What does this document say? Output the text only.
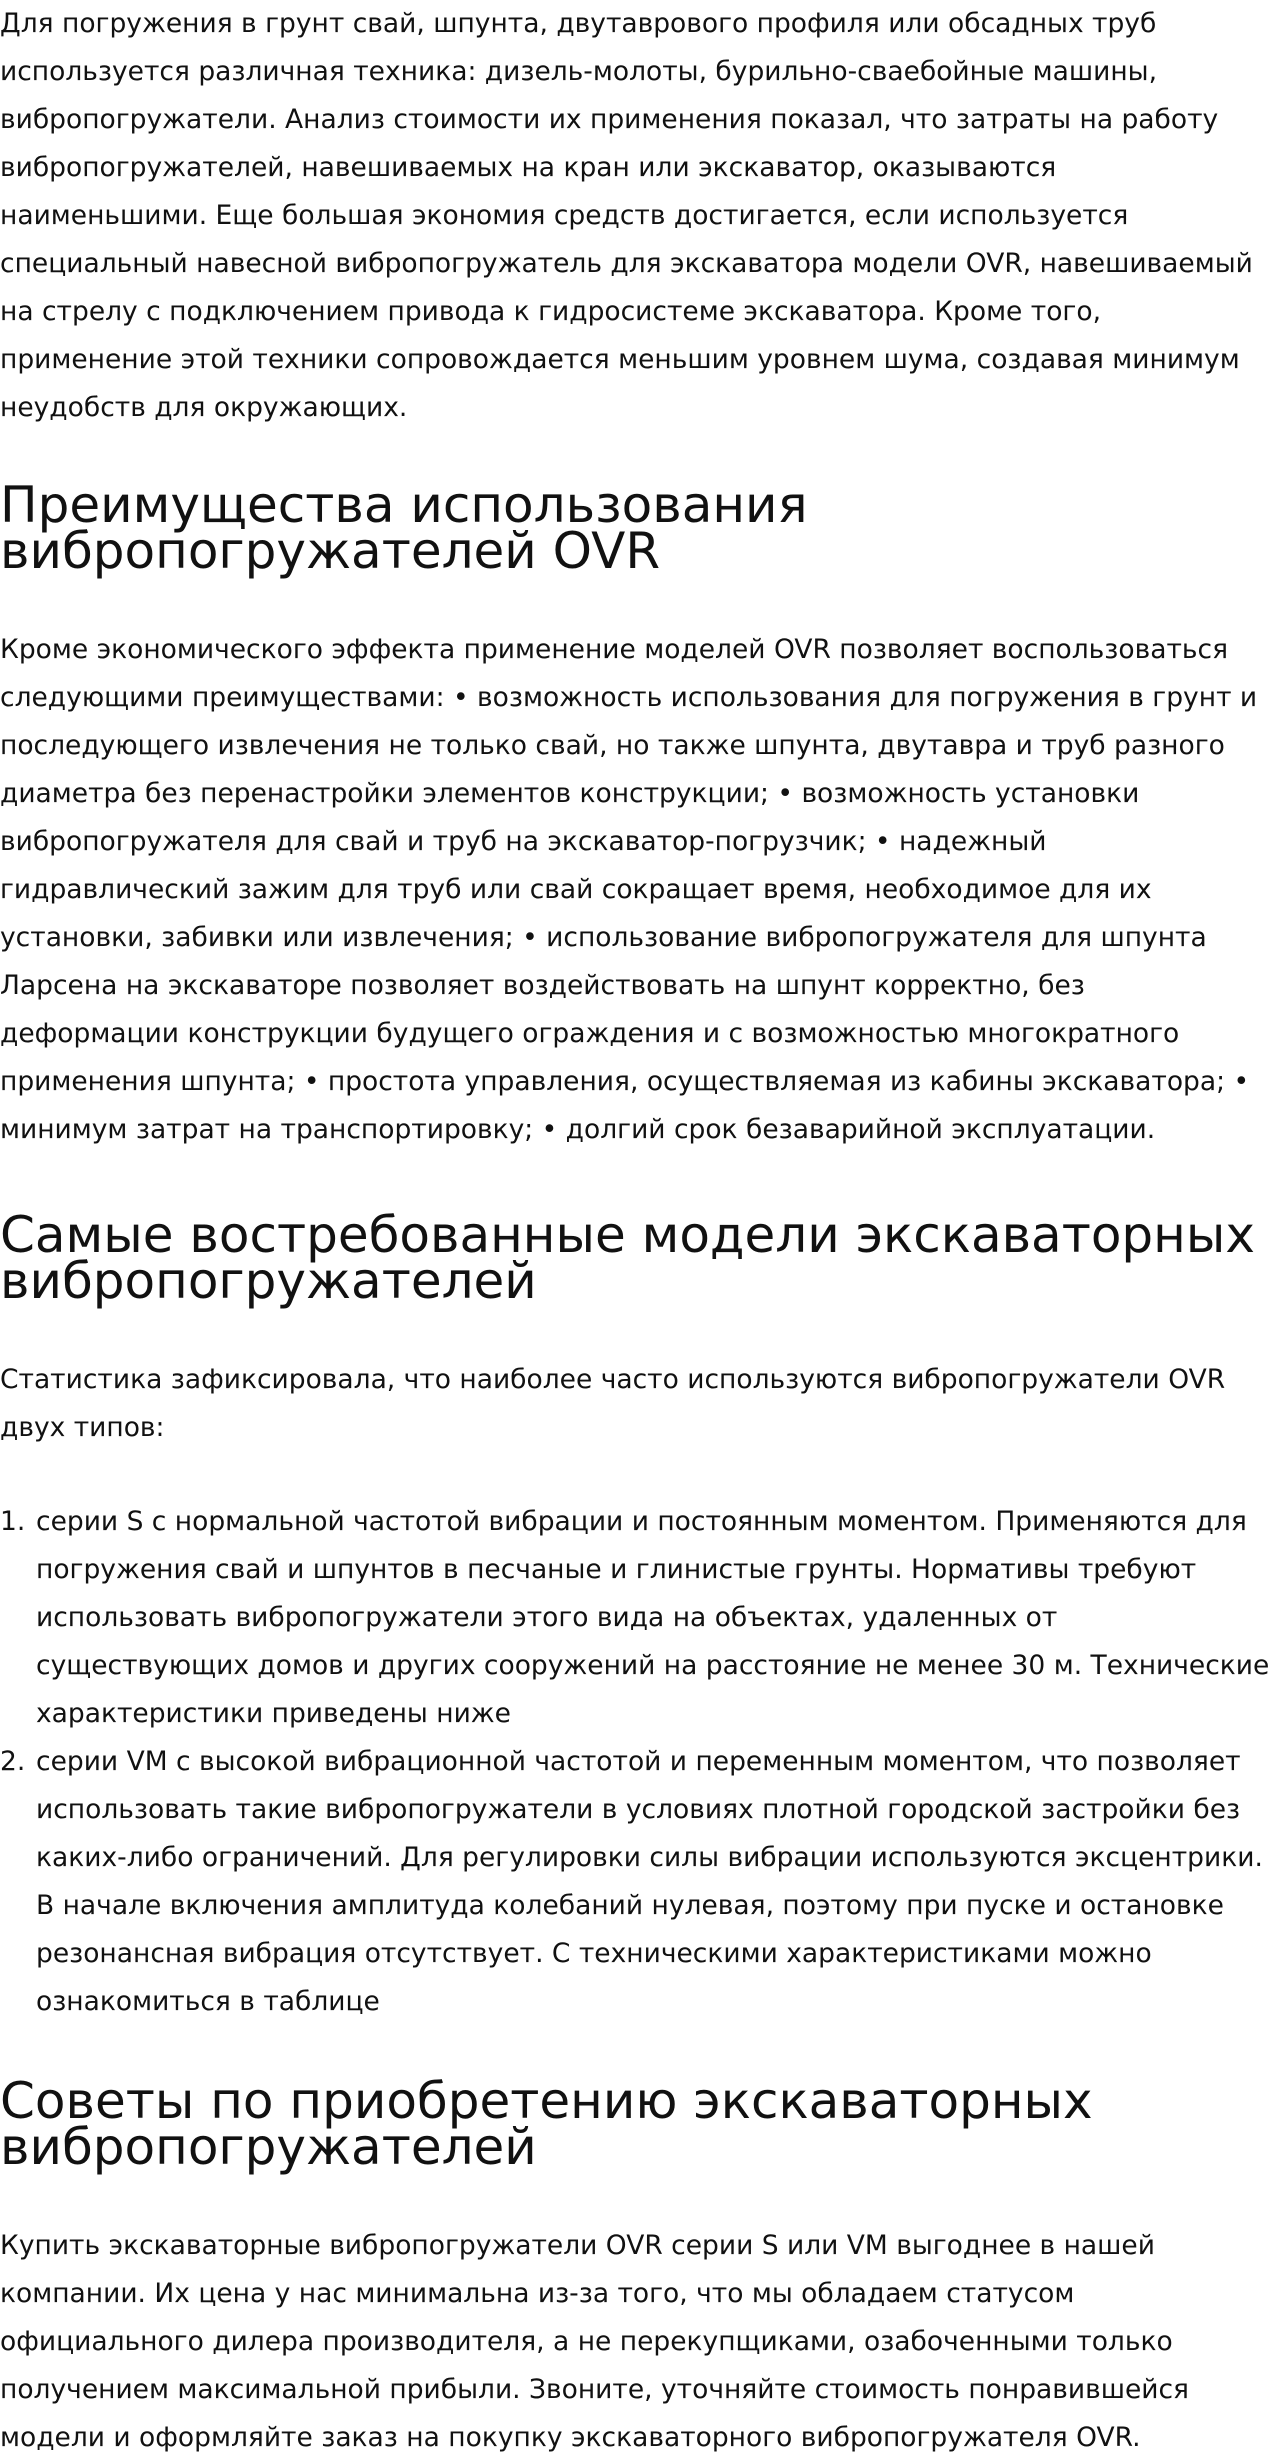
Для погружения в грунт свай, шпунта, двутаврового профиля или обсадных труб используется различная техника: дизель-молоты, бурильно-сваебойные машины, вибропогружатели. Анализ стоимости их применения показал, что затраты на работу вибропогружателей, навешиваемых на кран или экскаватор, оказываются наименьшими. Еще большая экономия средств достигается, если используется специальный навесной вибропогружатель для экскаватора модели OVR, навешиваемый на стрелу с подключением привода к гидросистеме экскаватора. Кроме того, применение этой техники сопровождается меньшим уровнем шума, создавая минимум неудобств для окружающих.

Преимущества использования вибропогружателей OVR

Кроме экономического эффекта применение моделей OVR позволяет воспользоваться следующими преимуществами: • возможность использования для погружения в грунт и последующего извлечения не только свай, но также шпунта, двутавра и труб разного диаметра без перенастройки элементов конструкции; • возможность установки вибропогружателя для свай и труб на экскаватор-погрузчик; • надежный гидравлический зажим для труб или свай сокращает время, необходимое для их установки, забивки или извлечения; • использование вибропогружателя для шпунта Ларсена на экскаваторе позволяет воздействовать на шпунт корректно, без деформации конструкции будущего ограждения и с возможностью многократного применения шпунта; • простота управления, осуществляемая из кабины экскаватора; • минимум затрат на транспортировку; • долгий срок безаварийной эксплуатации.

Самые востребованные модели экскаваторных вибропогружателей

Статистика зафиксировала, что наиболее часто используются вибропогружатели OVR двух типов:

серии S с нормальной частотой вибрации и постоянным моментом. Применяются для погружения свай и шпунтов в песчаные и глинистые грунты. Нормативы требуют использовать вибропогружатели этого вида на объектах, удаленных от существующих домов и других сооружений на расстояние не менее 30 м. Технические характеристики приведены ниже
серии VM с высокой вибрационной частотой и переменным моментом, что позволяет использовать такие вибропогружатели в условиях плотной городской застройки без каких-либо ограничений. Для регулировки силы вибрации используются эксцентрики. В начале включения амплитуда колебаний нулевая, поэтому при пуске и остановке резонансная вибрация отсутствует. С техническими характеристиками можно ознакомиться в таблице
Советы по приобретению экскаваторных вибропогружателей

Купить экскаваторные вибропогружатели OVR серии S или VM выгоднее в нашей компании. Их цена у нас минимальна из-за того, что мы обладаем статусом официального дилера производителя, а не перекупщиками, озабоченными только получением максимальной прибыли. Звоните, уточняйте стоимость понравившейся модели и оформляйте заказ на покупку экскаваторного вибропогружателя OVR.
